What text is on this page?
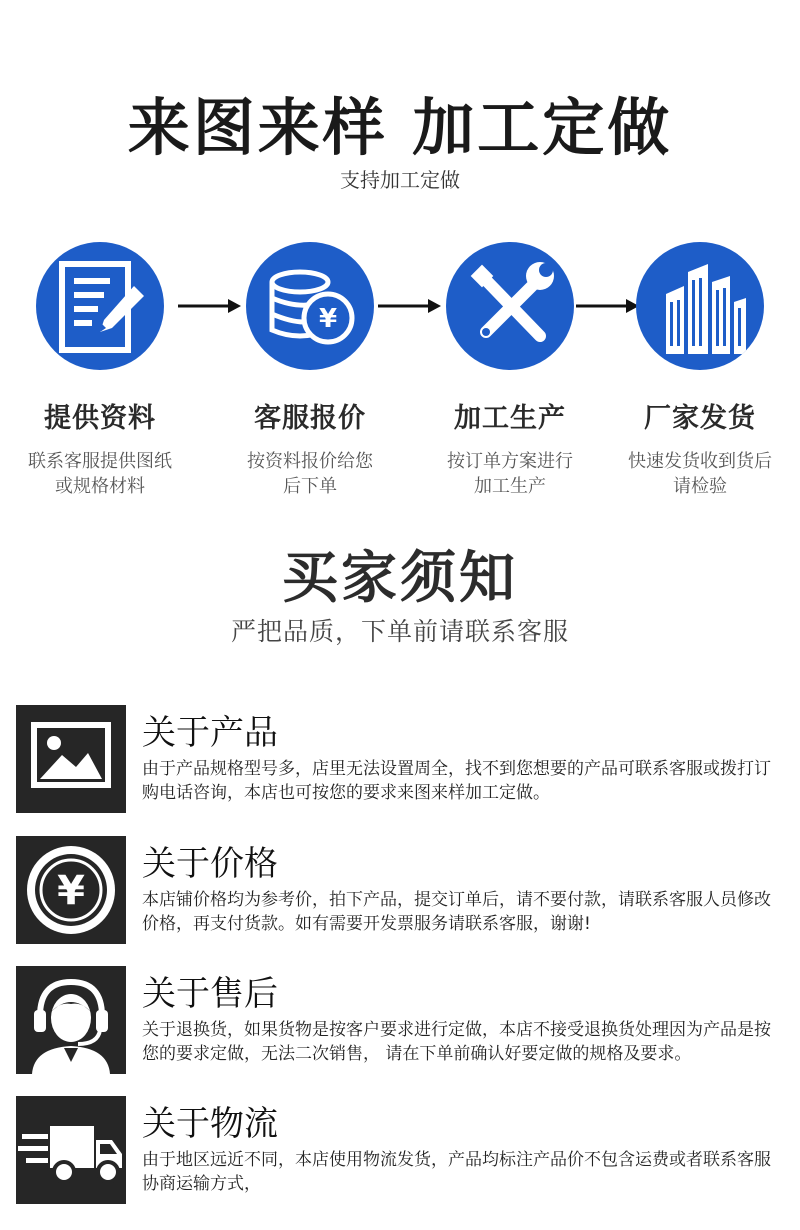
来图来样 加工定做
支持加工定做
提供资料
联系客服提供图纸
或规格材料
¥
客服报价
按资料报价给您
后下单
加工生产
按订单方案进行
加工生产
厂家发货
快速发货收到货后
请检验
买家须知
严把品质，下单前请联系客服
关于产品
由于产品规格型号多，店里无法设置周全，找不到您想要的产品可联系客服或拨打订购电话咨询，本店也可按您的要求来图来样加工定做。
¥
关于价格
本店铺价格均为参考价，拍下产品，提交订单后，请不要付款，请联系客服人员修改价格，再支付货款。如有需要开发票服务请联系客服，谢谢!
关于售后
关于退换货，如果货物是按客户要求进行定做，本店不接受退换货处理因为产品是按您的要求定做，无法二次销售， 请在下单前确认好要定做的规格及要求。
关于物流
由于地区远近不同，本店使用物流发货，产品均标注产品价不包含运费或者联系客服协商运输方式，
